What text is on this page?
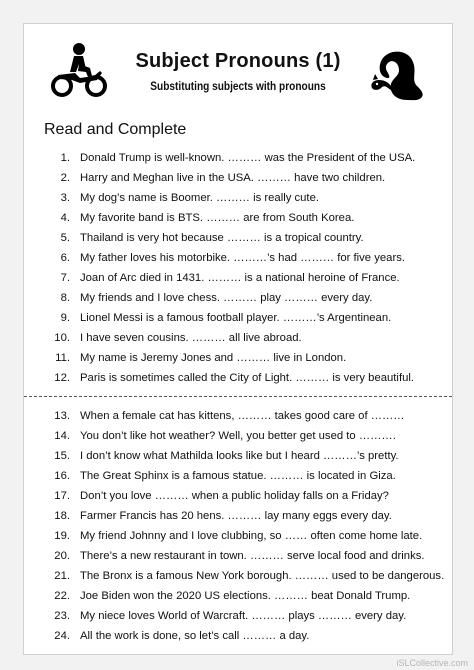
Subject Pronouns (1)
Substituting subjects with pronouns
Read and Complete
1. Donald Trump is well-known. ……… was the President of the USA.
2. Harry and Meghan live in the USA. ……… have two children.
3. My dog’s name is Boomer. ……… is really cute.
4. My favorite band is BTS. ……… are from South Korea.
5. Thailand is very hot because ……… is a tropical country.
6. My father loves his motorbike. ………’s had ……… for five years.
7. Joan of Arc died in 1431. ……… is a national heroine of France.
8. My friends and I love chess. ……… play ……… every day.
9. Lionel Messi is a famous football player. ………’s Argentinean.
10. I have seven cousins. ……… all live abroad.
11. My name is Jeremy Jones and ……… live in London.
12. Paris is sometimes called the City of Light. ……… is very beautiful.
13. When a female cat has kittens, ……… takes good care of ………
14. You don’t like hot weather? Well, you better get used to ……….
15. I don’t know what Mathilda looks like but I heard ………’s pretty.
16. The Great Sphinx is a famous statue. ……… is located in Giza.
17. Don’t you love ……… when a public holiday falls on a Friday?
18. Farmer Francis has 20 hens. ……… lay many eggs every day.
19. My friend Johnny and I love clubbing, so …… often come home late.
20. There’s a new restaurant in town. ……… serve local food and drinks.
21. The Bronx is a famous New York borough. ……… used to be dangerous.
22. Joe Biden won the 2020 US elections. ……… beat Donald Trump.
23. My niece loves World of Warcraft. ……… plays ……… every day.
24. All the work is done, so let’s call ……… a day.
iSLCollective.com
